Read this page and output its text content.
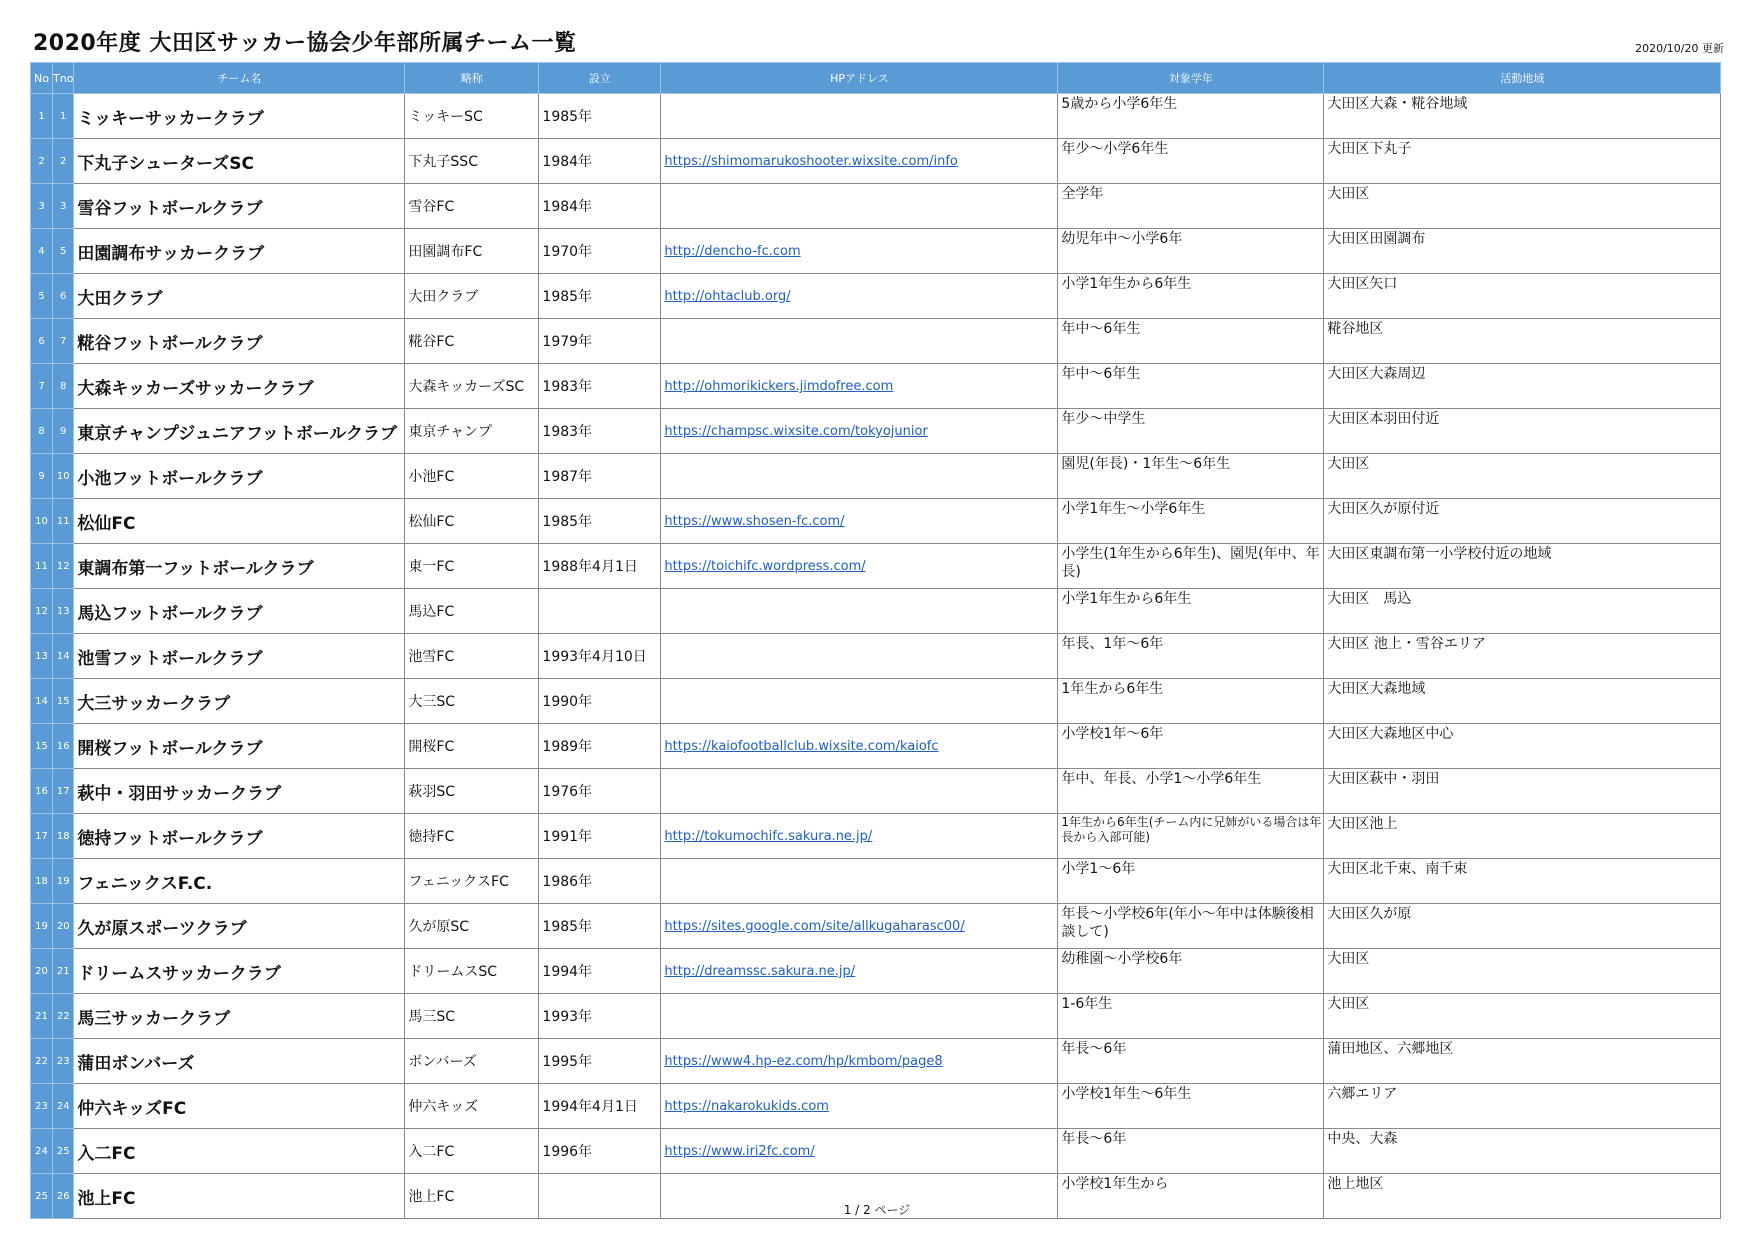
2020年度 大田区サッカー協会少年部所属チーム一覧	2020/10/20 更新
No	Tno	チーム名	略称	設立	HPアドレス	対象学年	活動地域
1	1	ミッキーサッカークラブ	ミッキーSC	1985年		5歳から小学6年生	大田区大森・糀谷地域
2	2	下丸子シューターズSC	下丸子SSC	1984年	https://shimomarukoshooter.wixsite.com/info	年少～小学6年生	大田区下丸子
3	3	雪谷フットボールクラブ	雪谷FC	1984年		全学年	大田区
4	5	田園調布サッカークラブ	田園調布FC	1970年	http://dencho-fc.com	幼児年中～小学6年	大田区田園調布
5	6	大田クラブ	大田クラブ	1985年	http://ohtaclub.org/	小学1年生から6年生	大田区矢口
6	7	糀谷フットボールクラブ	糀谷FC	1979年		年中～6年生	糀谷地区
7	8	大森キッカーズサッカークラブ	大森キッカーズSC	1983年	http://ohmorikickers.jimdofree.com	年中～6年生	大田区大森周辺
8	9	東京チャンプジュニアフットボールクラブ	東京チャンプ	1983年	https://champsc.wixsite.com/tokyojunior	年少～中学生	大田区本羽田付近
9	10	小池フットボールクラブ	小池FC	1987年		園児(年長)・1年生～6年生	大田区
10	11	松仙FC	松仙FC	1985年	https://www.shosen-fc.com/	小学1年生～小学6年生	大田区久が原付近
11	12	東調布第一フットボールクラブ	東一FC	1988年4月1日	https://toichifc.wordpress.com/	小学生(1年生から6年生)、園児(年中、年長)	大田区東調布第一小学校付近の地域
12	13	馬込フットボールクラブ	馬込FC			小学1年生から6年生	大田区　馬込
13	14	池雪フットボールクラブ	池雪FC	1993年4月10日		年長、1年～6年	大田区 池上・雪谷エリア
14	15	大三サッカークラブ	大三SC	1990年		1年生から6年生	大田区大森地域
15	16	開桜フットボールクラブ	開桜FC	1989年	https://kaiofootballclub.wixsite.com/kaiofc	小学校1年～6年	大田区大森地区中心
16	17	萩中・羽田サッカークラブ	萩羽SC	1976年		年中、年長、小学1～小学6年生	大田区萩中・羽田
17	18	徳持フットボールクラブ	徳持FC	1991年	http://tokumochifc.sakura.ne.jp/	1年生から6年生(チーム内に兄姉がいる場合は年長から入部可能)	大田区池上
18	19	フェニックスF.C.	フェニックスFC	1986年		小学1～6年	大田区北千束、南千束
19	20	久が原スポーツクラブ	久が原SC	1985年	https://sites.google.com/site/allkugaharasc00/	年長～小学校6年(年小～年中は体験後相談して)	大田区久が原
20	21	ドリームスサッカークラブ	ドリームスSC	1994年	http://dreamssc.sakura.ne.jp/	幼稚園～小学校6年	大田区
21	22	馬三サッカークラブ	馬三SC	1993年		1-6年生	大田区
22	23	蒲田ボンバーズ	ボンバーズ	1995年	https://www4.hp-ez.com/hp/kmbom/page8	年長～6年	蒲田地区、六郷地区
23	24	仲六キッズFC	仲六キッズ	1994年4月1日	https://nakarokukids.com	小学校1年生～6年生	六郷エリア
24	25	入二FC	入二FC	1996年	https://www.iri2fc.com/	年長～6年	中央、大森
25	26	池上FC	池上FC			小学校1年生から	池上地区
1 / 2 ページ
